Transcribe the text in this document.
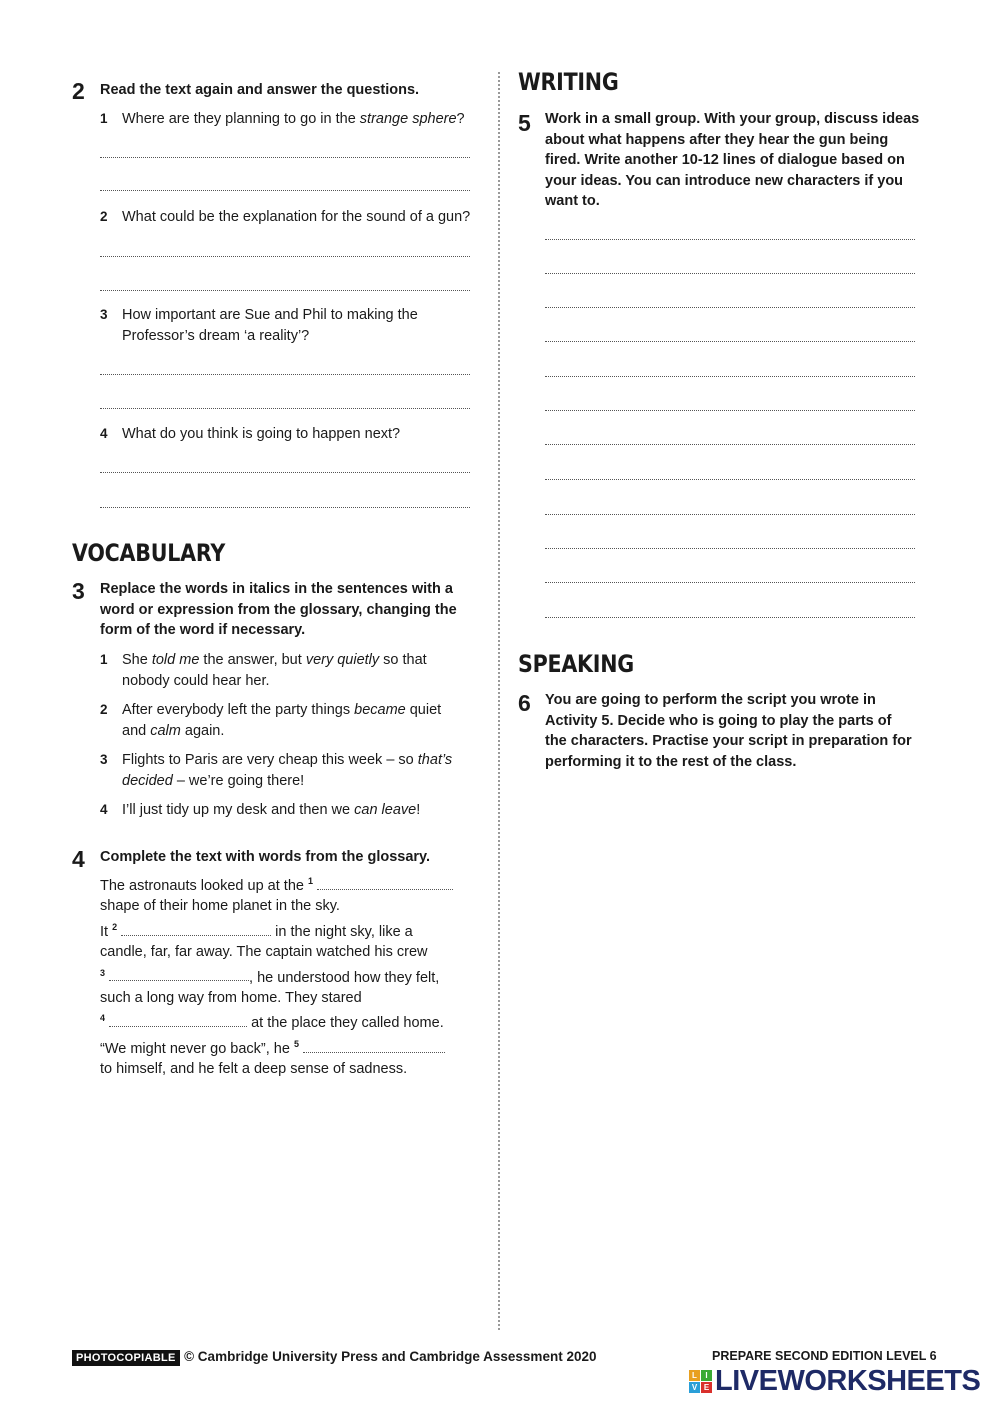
2 Read the text again and answer the questions.
1 Where are they planning to go in the strange sphere?
2 What could be the explanation for the sound of a gun?
3 How important are Sue and Phil to making the
Professor’s dream ‘a reality’?
4 What do you think is going to happen next?
VOCABULARY
3 Replace the words in italics in the sentences with a
word or expression from the glossary, changing the
form of the word if necessary.
1 She told me the answer, but very quietly so that
nobody could hear her.
2 After everybody left the party things became quiet
and calm again.
3 Flights to Paris are very cheap this week – so that’s
decided – we’re going there!
4 I’ll just tidy up my desk and then we can leave!
4 Complete the text with words from the glossary.
The astronauts looked up at the $^1$
shape of their home planet in the sky.
It $^2$	in the night sky, like a
candle, far, far away. The captain watched his crew
$^3$	, he understood how they felt,
such a long way from home. They stared
$^4$	at the place they called home.
“We might never go back”, he $^5$
to himself, and he felt a deep sense of sadness.
WRITING
5 Work in a small group. With your group, discuss ideas
about what happens after they hear the gun being
fired. Write another 10-12 lines of dialogue based on
your ideas. You can introduce new characters if you
want to.
SPEAKING
6 You are going to perform the script you wrote in
Activity 5. Decide who is going to play the parts of
the characters. Practise your script in preparation for
performing it to the rest of the class.
PHOTOCOPIABLE © Cambridge University Press and Cambridge Assessment 2020	PREPARE SECOND EDITION LEVEL 6
L	I
V E LIVEWORKSHEETS
